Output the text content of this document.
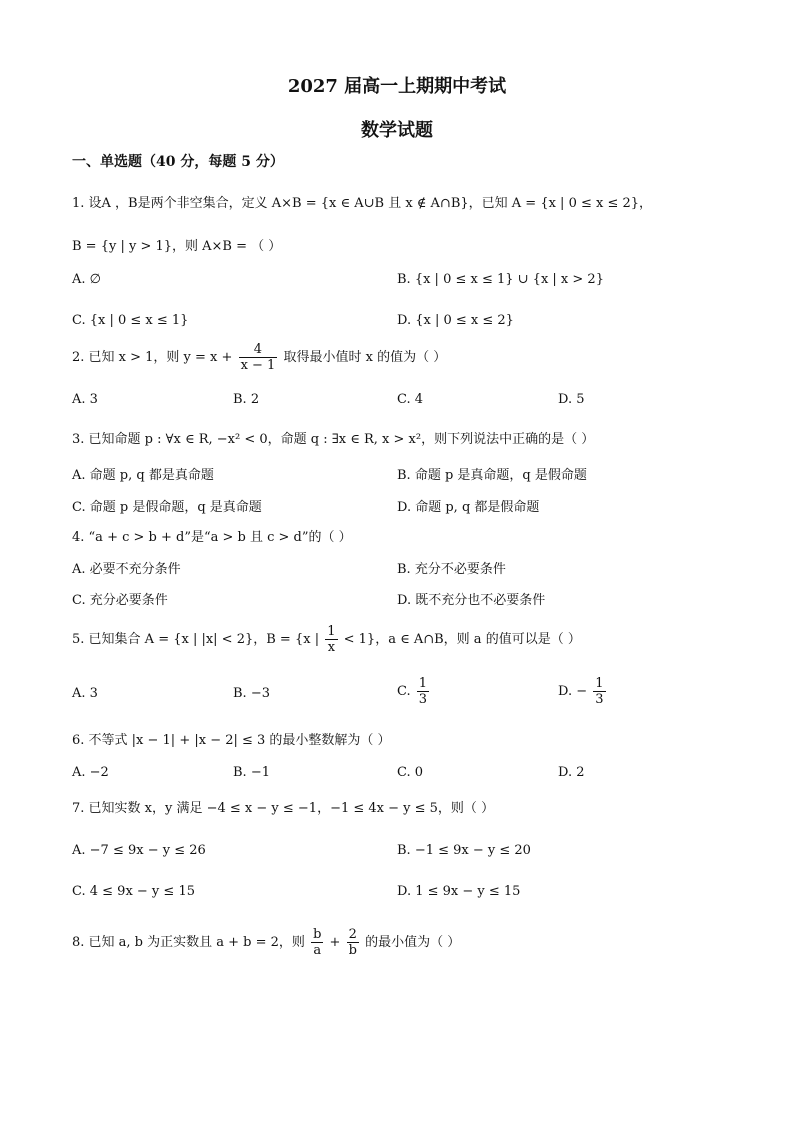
2027 届高一上期期中考试
数学试题
一、单选题（40 分，每题 5 分）
1. 设A ，B是两个非空集合，定义 A×B = {x ∈ A∪B 且 x ∉ A∩B}，已知 A = {x | 0 ≤ x ≤ 2}，
B = {y | y > 1}，则 A×B = （ ）
A. ∅	B. {x | 0 ≤ x ≤ 1} ∪ {x | x > 2}
C. {x | 0 ≤ x ≤ 1}	D. {x | 0 ≤ x ≤ 2}
2. 已知 x > 1，则 $y = x + \frac{4}{x - 1}$ 取得最小值时 x 的值为（ ）
A. 3	B. 2	C. 4	D. 5
3. 已知命题 p : ∀x ∈ R, −x² < 0，命题 q : ∃x ∈ R, x > x²，则下列说法中正确的是（ ）
A. 命题 p, q 都是真命题	B. 命题 p 是真命题，q 是假命题
C. 命题 p 是假命题，q 是真命题	D. 命题 p, q 都是假命题
4. “a + c > b + d”是“a > b 且 c > d”的（ ）
A. 必要不充分条件	B. 充分不必要条件
C. 充分必要条件	D. 既不充分也不必要条件
5. 已知集合 A = {x | |x| < 2}，B = {x | $\frac{1}{x} < 1$}，a ∈ A∩B，则 a 的值可以是（ ）
A. 3	B. −3	C. $\frac{1}{3}$	D. − $\frac{1}{3}$
6. 不等式 |x − 1| + |x − 2| ≤ 3 的最小整数解为（ ）
A. −2	B. −1	C. 0	D. 2
7. 已知实数 x，y 满足 −4 ≤ x − y ≤ −1，−1 ≤ 4x − y ≤ 5，则（ ）
A. −7 ≤ 9x − y ≤ 26	B. −1 ≤ 9x − y ≤ 20
C. 4 ≤ 9x − y ≤ 15	D. 1 ≤ 9x − y ≤ 15
8. 已知 a, b 为正实数且 a + b = 2，则 $\frac{b}{a} + \frac{2}{b}$ 的最小值为（ ）
